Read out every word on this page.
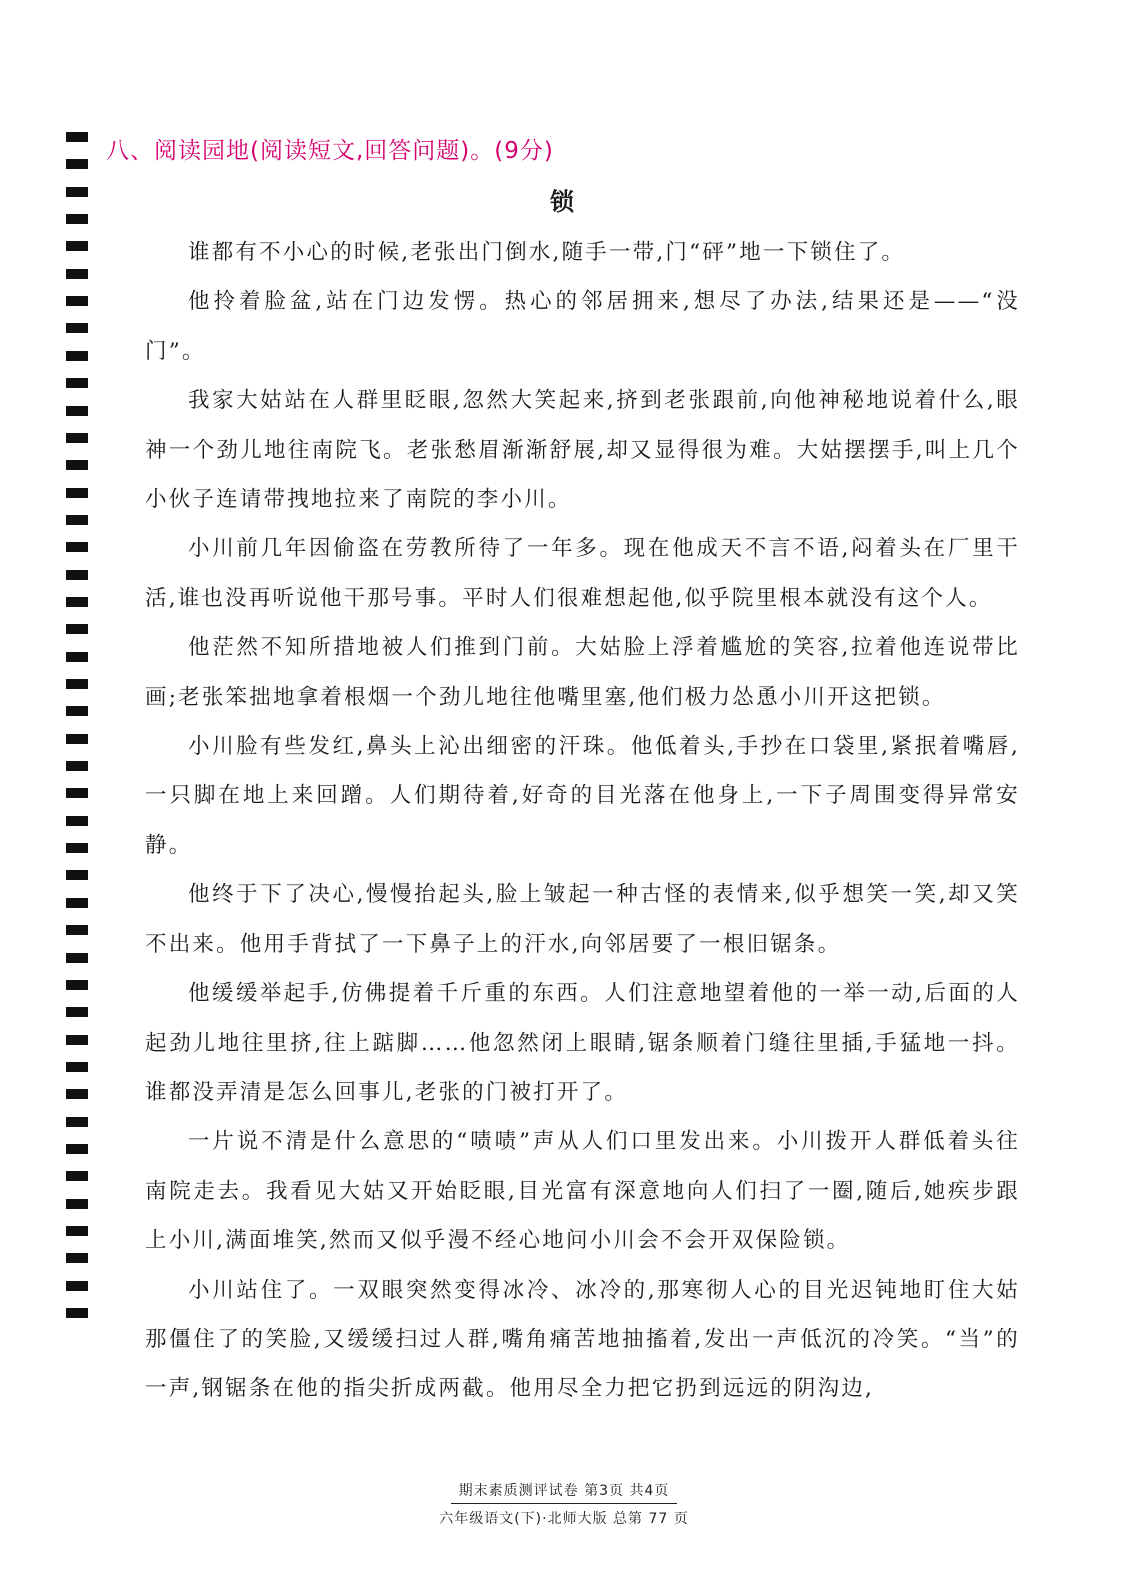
八、阅读园地(阅读短文,回答问题)。(9分)
锁

谁都有不小心的时候,老张出门倒水,随手一带,门“砰”地一下锁住了。

他拎着脸盆,站在门边发愣。热心的邻居拥来,想尽了办法,结果还是——“没门”。

我家大姑站在人群里眨眼,忽然大笑起来,挤到老张跟前,向他神秘地说着什么,眼神一个劲儿地往南院飞。老张愁眉渐渐舒展,却又显得很为难。大姑摆摆手,叫上几个小伙子连请带拽地拉来了南院的李小川。

小川前几年因偷盗在劳教所待了一年多。现在他成天不言不语,闷着头在厂里干活,谁也没再听说他干那号事。平时人们很难想起他,似乎院里根本就没有这个人。

他茫然不知所措地被人们推到门前。大姑脸上浮着尴尬的笑容,拉着他连说带比画;老张笨拙地拿着根烟一个劲儿地往他嘴里塞,他们极力怂恿小川开这把锁。

小川脸有些发红,鼻头上沁出细密的汗珠。他低着头,手抄在口袋里,紧抿着嘴唇,一只脚在地上来回蹭。人们期待着,好奇的目光落在他身上,一下子周围变得异常安静。

他终于下了决心,慢慢抬起头,脸上皱起一种古怪的表情来,似乎想笑一笑,却又笑不出来。他用手背拭了一下鼻子上的汗水,向邻居要了一根旧锯条。

他缓缓举起手,仿佛提着千斤重的东西。人们注意地望着他的一举一动,后面的人起劲儿地往里挤,往上踮脚……他忽然闭上眼睛,锯条顺着门缝往里插,手猛地一抖。谁都没弄清是怎么回事儿,老张的门被打开了。

一片说不清是什么意思的“啧啧”声从人们口里发出来。小川拨开人群低着头往南院走去。我看见大姑又开始眨眼,目光富有深意地向人们扫了一圈,随后,她疾步跟上小川,满面堆笑,然而又似乎漫不经心地问小川会不会开双保险锁。

小川站住了。一双眼突然变得冰冷、冰冷的,那寒彻人心的目光迟钝地盯住大姑那僵住了的笑脸,又缓缓扫过人群,嘴角痛苦地抽搐着,发出一声低沉的冷笑。“当”的一声,钢锯条在他的指尖折成两截。他用尽全力把它扔到远远的阴沟边,

期末素质测评试卷 第3页 共4页
六年级语文(下)·北师大版 总第 77 页
